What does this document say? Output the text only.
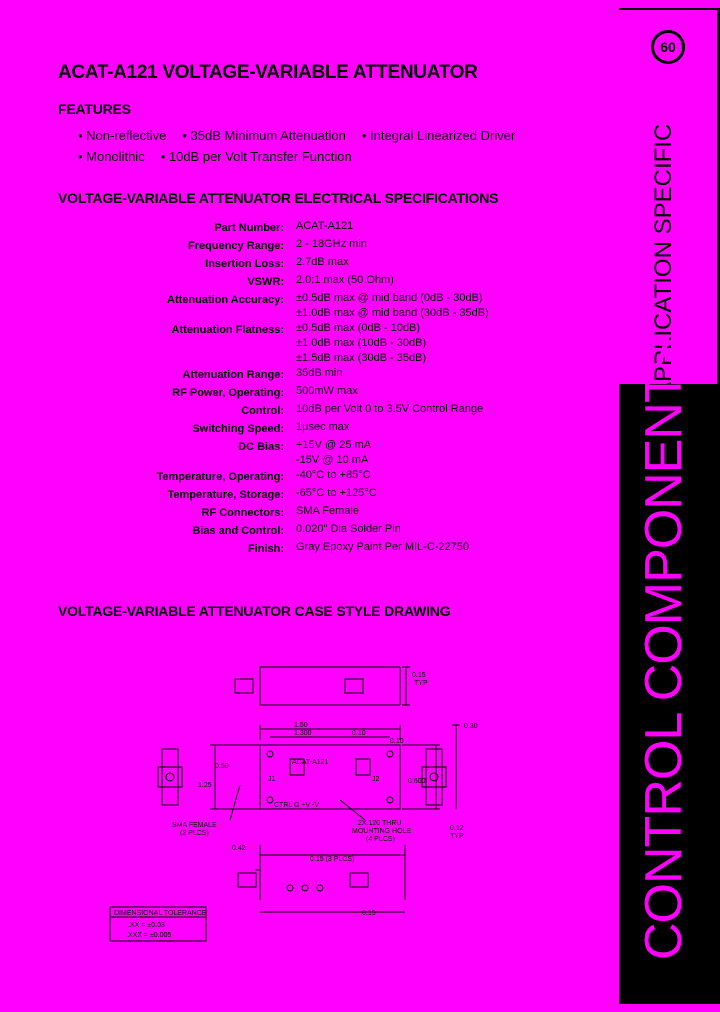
ACAT-A121 VOLTAGE-VARIABLE ATTENUATOR
FEATURES
• Non-reflective • 35dB Minimum Attenuation • Integral Linearized Driver
• Monolithic • 10dB per Volt Transfer Function
VOLTAGE-VARIABLE ATTENUATOR ELECTRICAL SPECIFICATIONS
Part Number:	ACAT-A121
Frequency Range:	2 - 18GHz min
Insertion Loss:	2.7dB max
VSWR:	2.0:1 max (50 Ohm)
Attenuation Accuracy:	±0.5dB max @ mid band (0dB - 30dB)
±1.0dB max @ mid band (30dB - 35dB)
Attenuation Flatness:	±0.5dB max (0dB - 10dB)
±1.0dB max (10dB - 30dB)
±1.5dB max (30dB - 35dB)
Attenuation Range:	35dB min
RF Power, Operating:	500mW max
Control:	10dB per Volt 0 to 3.5V Control Range
Switching Speed:	1μsec max
DC Bias:	+15V @ 25 mA
-15V @ 10 mA
Temperature, Operating:	-40°C to +85°C
Temperature, Storage:	-65°C to +125°C
RF Connectors:	SMA Female
Bias and Control:	0.020" Dia Solder Pin
Finish:	Gray Epoxy Paint Per MIL-C-22750
VOLTAGE-VARIABLE ATTENUATOR CASE STYLE DRAWING
ACAT-A121
CTRL G +V -V
J1	J2
SMA FEMALE
(2 PLCS)
2X.120 THRU
MOUNTING HOLE
(4 PLCS)
1.50
1.300	0.10
0.10
0.50
1.25
0.600
0.30
0.15
TYP
0.12
TYP
0.42
0.15 (3 PLCS)
0.15
DIMENSIONAL TOLERANCE
.XX = ±0.03
.XXX = ±0.005
60
APPLICATION SPECIFIC
CONTROL COMPONENTS
